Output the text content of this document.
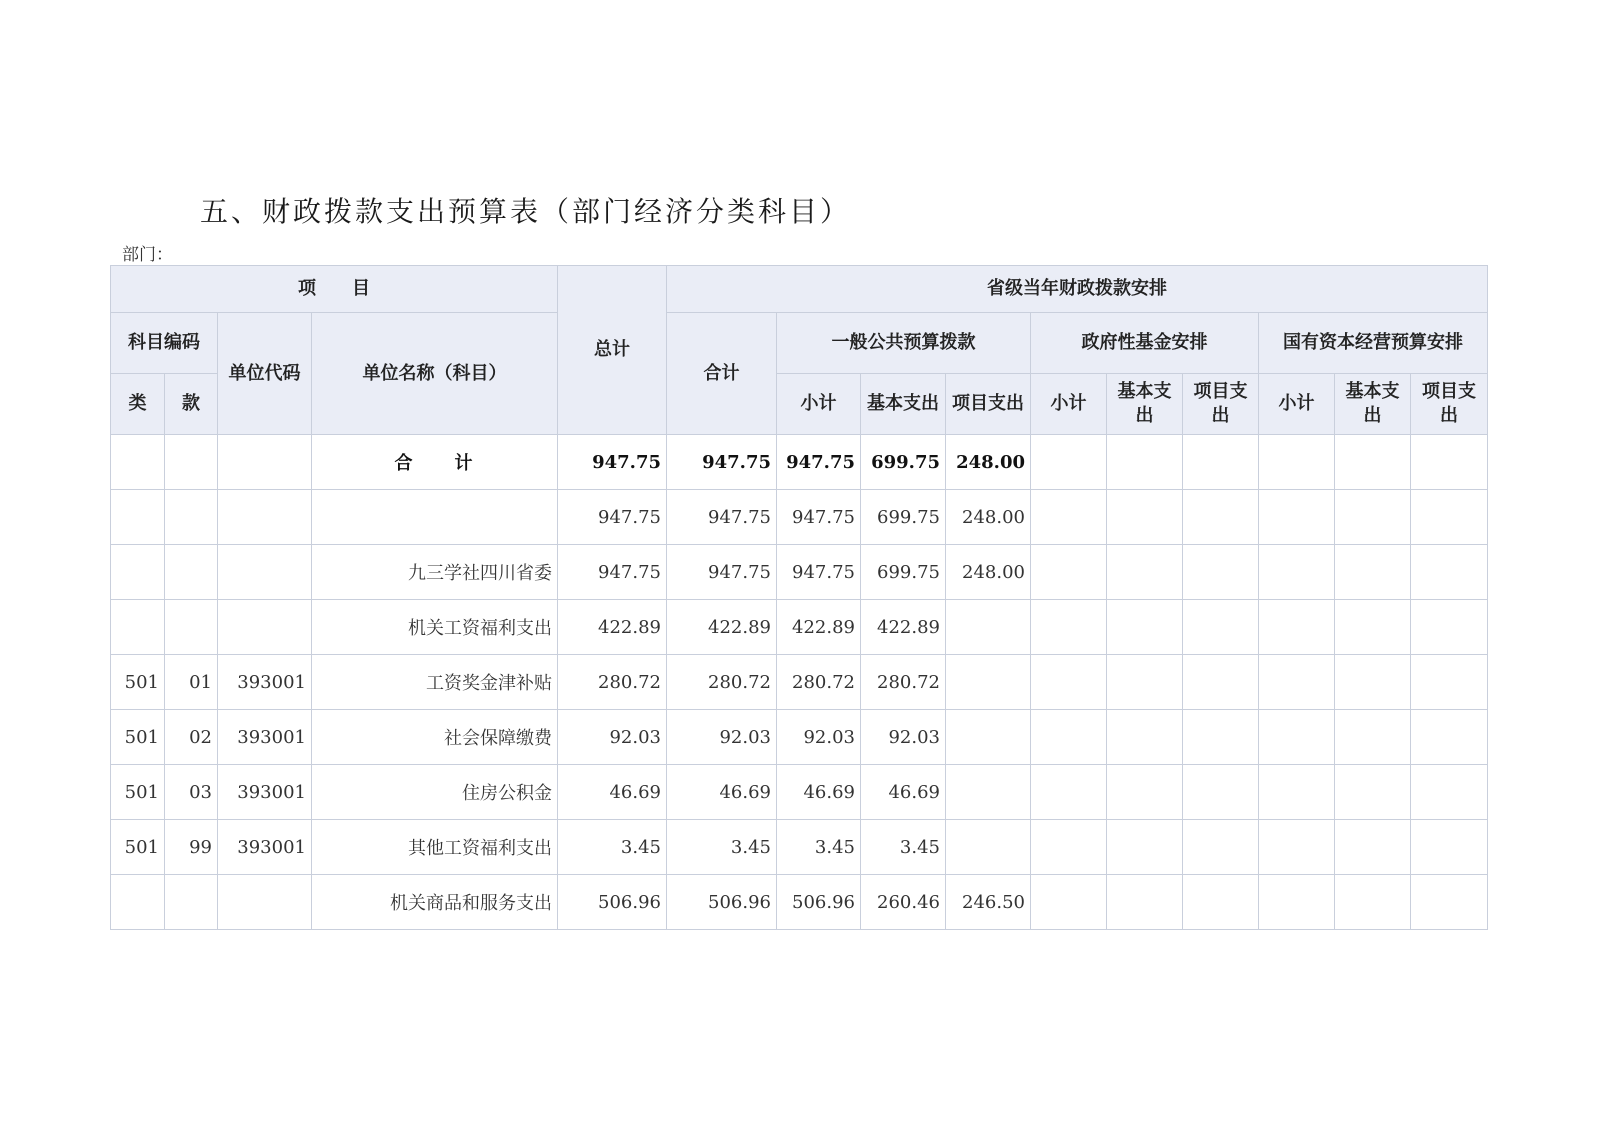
五、财政拨款支出预算表（部门经济分类科目）
部门：
项　　目				总计	省级当年财政拨款安排									
科目编码		单位代码	单位名称（科目）		合计	一般公共预算拨款			政府性基金安排			国有资本经营预算安排		
类	款					小计	基本支出	项目支出	小计	基本支出	项目支出	小计	基本支出	项目支出
			合　　计	947.75	947.75	947.75	699.75	248.00						
				947.75	947.75	947.75	699.75	248.00						
			九三学社四川省委	947.75	947.75	947.75	699.75	248.00						
			机关工资福利支出	422.89	422.89	422.89	422.89							
501	01	393001	工资奖金津补贴	280.72	280.72	280.72	280.72							
501	02	393001	社会保障缴费	92.03	92.03	92.03	92.03							
501	03	393001	住房公积金	46.69	46.69	46.69	46.69							
501	99	393001	其他工资福利支出	3.45	3.45	3.45	3.45							
			机关商品和服务支出	506.96	506.96	506.96	260.46	246.50						
